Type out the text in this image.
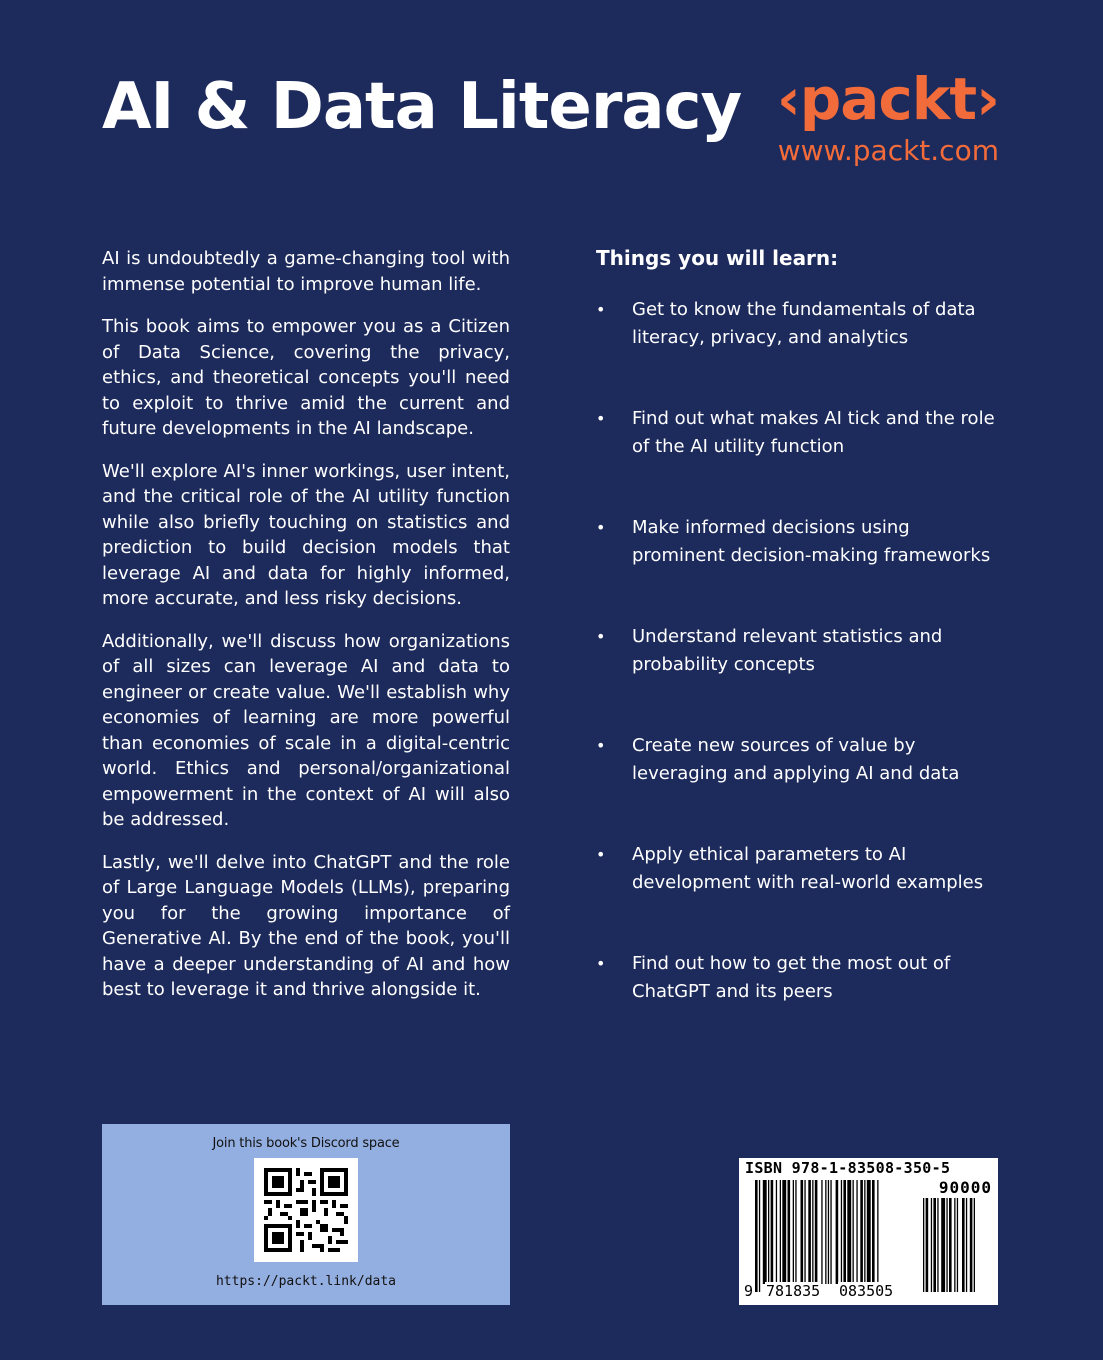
AI & Data Literacy ‹ packt ›
www.packt.com

AI is undoubtedly a game-changing tool with immense potential to improve human life.

This book aims to empower you as a Citizen of Data Science, covering the privacy, ethics, and theoretical concepts you'll need to exploit to thrive amid the current and future developments in the AI landscape.

We'll explore AI's inner workings, user intent, and the critical role of the AI utility function while also briefly touching on statistics and prediction to build decision models that leverage AI and data for highly informed, more accurate, and less risky decisions.

Additionally, we'll discuss how organizations of all sizes can leverage AI and data to engineer or create value. We'll establish why economies of learning are more powerful than economies of scale in a digital-centric world. Ethics and personal/organizational empowerment in the context of AI will also be addressed.

Lastly, we'll delve into ChatGPT and the role of Large Language Models (LLMs), preparing you for the growing importance of Generative AI. By the end of the book, you'll have a deeper understanding of AI and how best to leverage it and thrive alongside it.

Things you will learn:
•	Get to know the fundamentals of data literacy, privacy, and analytics
•	Find out what makes AI tick and the role of the AI utility function
•	Make informed decisions using prominent decision-making frameworks
•	Understand relevant statistics and probability concepts
•	Create new sources of value by leveraging and applying AI and data
•	Apply ethical parameters to AI development with real-world examples
•	Find out how to get the most out of ChatGPT and its peers
Join this book's Discord space
https://packt.link/data
ISBN 978-1-83508-350-5
90000
9 781835 083505
